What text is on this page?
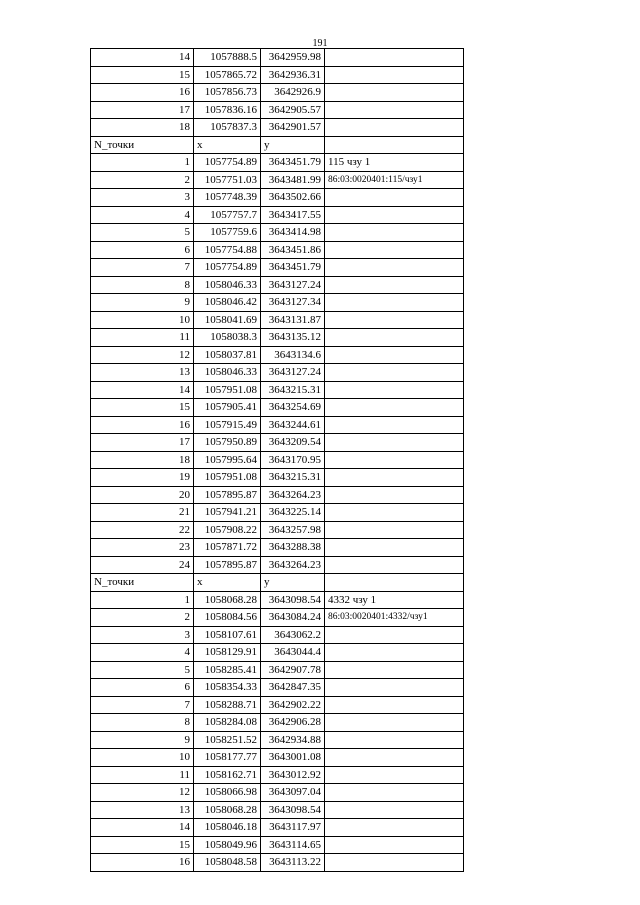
191
14	1057888.5	3642959.98	
15	1057865.72	3642936.31	
16	1057856.73	3642926.9	
17	1057836.16	3642905.57	
18	1057837.3	3642901.57	
N_точки	x	y	
1	1057754.89	3643451.79	115 чзу 1
2	1057751.03	3643481.99	86:03:0020401:115/чзу1
3	1057748.39	3643502.66	
4	1057757.7	3643417.55	
5	1057759.6	3643414.98	
6	1057754.88	3643451.86	
7	1057754.89	3643451.79	
8	1058046.33	3643127.24	
9	1058046.42	3643127.34	
10	1058041.69	3643131.87	
11	1058038.3	3643135.12	
12	1058037.81	3643134.6	
13	1058046.33	3643127.24	
14	1057951.08	3643215.31	
15	1057905.41	3643254.69	
16	1057915.49	3643244.61	
17	1057950.89	3643209.54	
18	1057995.64	3643170.95	
19	1057951.08	3643215.31	
20	1057895.87	3643264.23	
21	1057941.21	3643225.14	
22	1057908.22	3643257.98	
23	1057871.72	3643288.38	
24	1057895.87	3643264.23	
N_точки	x	y	
1	1058068.28	3643098.54	4332 чзу 1
2	1058084.56	3643084.24	86:03:0020401:4332/чзу1
3	1058107.61	3643062.2	
4	1058129.91	3643044.4	
5	1058285.41	3642907.78	
6	1058354.33	3642847.35	
7	1058288.71	3642902.22	
8	1058284.08	3642906.28	
9	1058251.52	3642934.88	
10	1058177.77	3643001.08	
11	1058162.71	3643012.92	
12	1058066.98	3643097.04	
13	1058068.28	3643098.54	
14	1058046.18	3643117.97	
15	1058049.96	3643114.65	
16	1058048.58	3643113.22	
